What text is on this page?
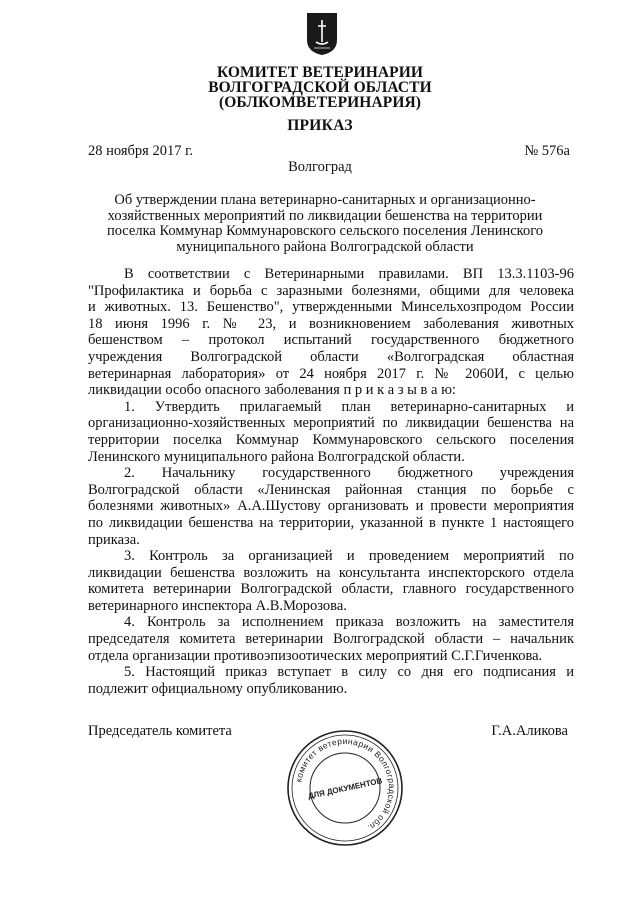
КОМИТЕТ ВЕТЕРИНАРИИ
ВОЛГОГРАДСКОЙ ОБЛАСТИ
(ОБЛКОМВЕТЕРИНАРИЯ)
ПРИКАЗ
28 ноября 2017 г.	№ 576а
Волгоград
Об утверждении плана ветеринарно-санитарных и организационно-
хозяйственных мероприятий по ликвидации бешенства на территории
поселка Коммунар Коммунаровского сельского поселения Ленинского
муниципального района Волгоградской области
В соответствии с Ветеринарными правилами. ВП 13.3.1103-96
"Профилактика и борьба с заразными болезнями, общими для человека
и животных. 13. Бешенство", утвержденными Минсельхозпродом России
18 июня 1996 г. № 23, и возникновением заболевания животных
бешенством – протокол испытаний государственного бюджетного
учреждения Волгоградской области «Волгоградская областная
ветеринарная лаборатория» от 24 ноября 2017 г. № 2060И, с целью
ликвидации особо опасного заболевания п р и к а з ы в а ю:
1. Утвердить прилагаемый план ветеринарно-санитарных и
организационно-хозяйственных мероприятий по ликвидации бешенства на
территории поселка Коммунар Коммунаровского сельского поселения
Ленинского муниципального района Волгоградской области.
2. Начальнику государственного бюджетного учреждения
Волгоградской области «Ленинская районная станция по борьбе с
болезнями животных» А.А.Шустову организовать и провести мероприятия
по ликвидации бешенства на территории, указанной в пункте 1 настоящего
приказа.
3. Контроль за организацией и проведением мероприятий по
ликвидации бешенства возложить на консультанта инспекторского отдела
комитета ветеринарии Волгоградской области, главного государственного
ветеринарного инспектора А.В.Морозова.
4. Контроль за исполнением приказа возложить на заместителя
председателя комитета ветеринарии Волгоградской области – начальник
отдела организации противоэпизоотических мероприятий С.Г.Гиченкова.
5. Настоящий приказ вступает в силу со дня его подписания и
подлежит официальному опубликованию.
Председатель комитета	Г.А.Аликова
комитет ветеринарии Волгоградской обл.
ДЛЯ ДОКУМЕНТОВ
